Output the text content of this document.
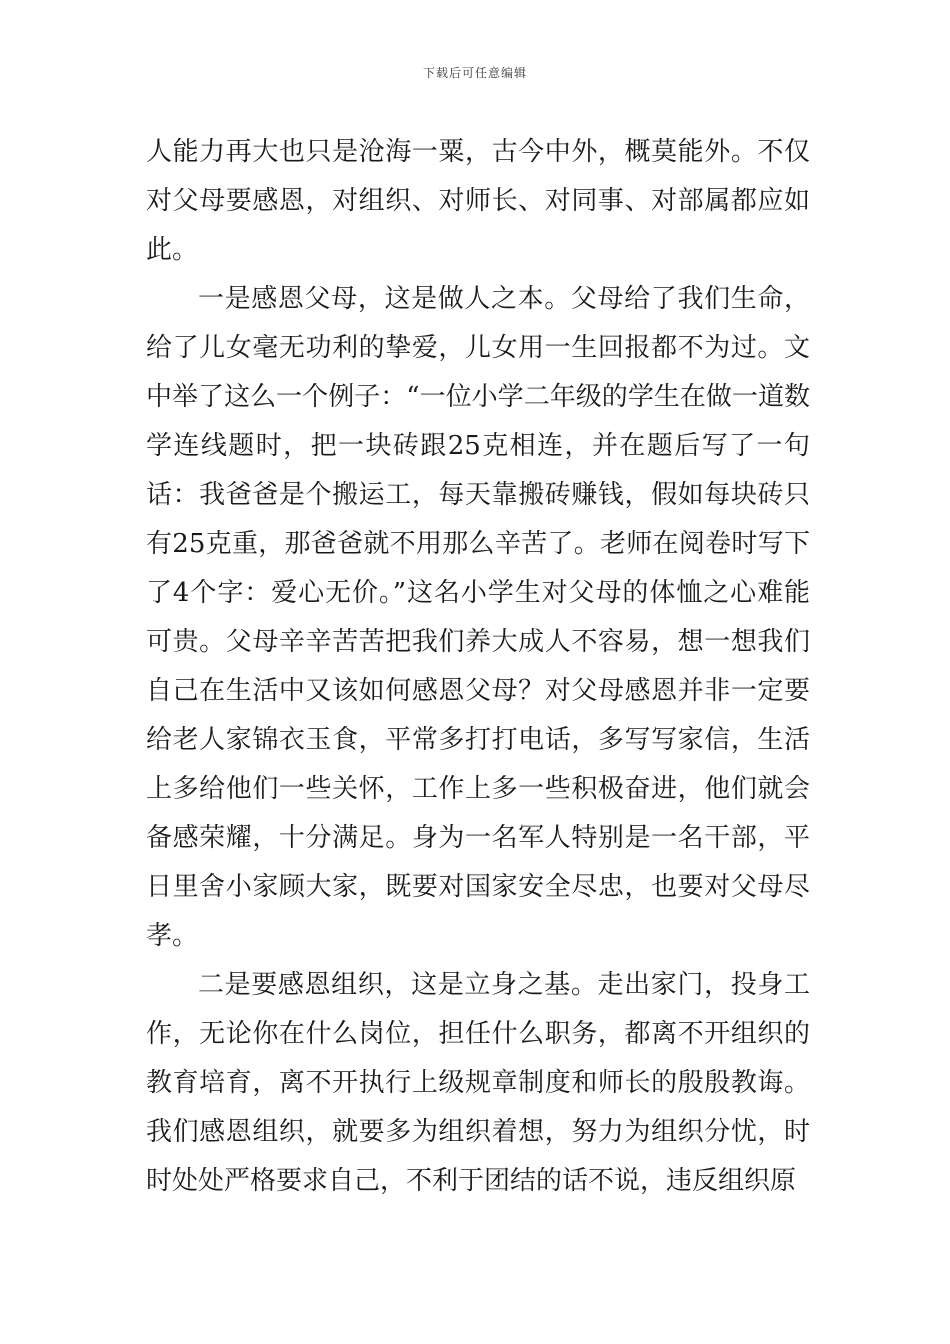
下载后可任意编辑

人能力再大也只是沧海一粟，古今中外，概莫能外。不仅对父母要感恩，对组织、对师长、对同事、对部属都应如此。

一是感恩父母，这是做人之本。父母给了我们生命，给了儿女毫无功利的挚爱，儿女用一生回报都不为过。文中举了这么一个例子：“一位小学二年级的学生在做一道数学连线题时，把一块砖跟25克相连，并在题后写了一句话：我爸爸是个搬运工，每天靠搬砖赚钱，假如每块砖只有25克重，那爸爸就不用那么辛苦了。老师在阅卷时写下了4个字：爱心无价。”这名小学生对父母的体恤之心难能可贵。父母辛辛苦苦把我们养大成人不容易，想一想我们自己在生活中又该如何感恩父母？对父母感恩并非一定要给老人家锦衣玉食，平常多打打电话，多写写家信，生活上多给他们一些关怀，工作上多一些积极奋进，他们就会备感荣耀，十分满足。身为一名军人特别是一名干部，平日里舍小家顾大家，既要对国家安全尽忠，也要对父母尽孝。

二是要感恩组织，这是立身之基。走出家门，投身工作，无论你在什么岗位，担任什么职务，都离不开组织的教育培育，离不开执行上级规章制度和师长的殷殷教诲。我们感恩组织，就要多为组织着想，努力为组织分忧，时时处处严格要求自己，不利于团结的话不说，违反组织原
